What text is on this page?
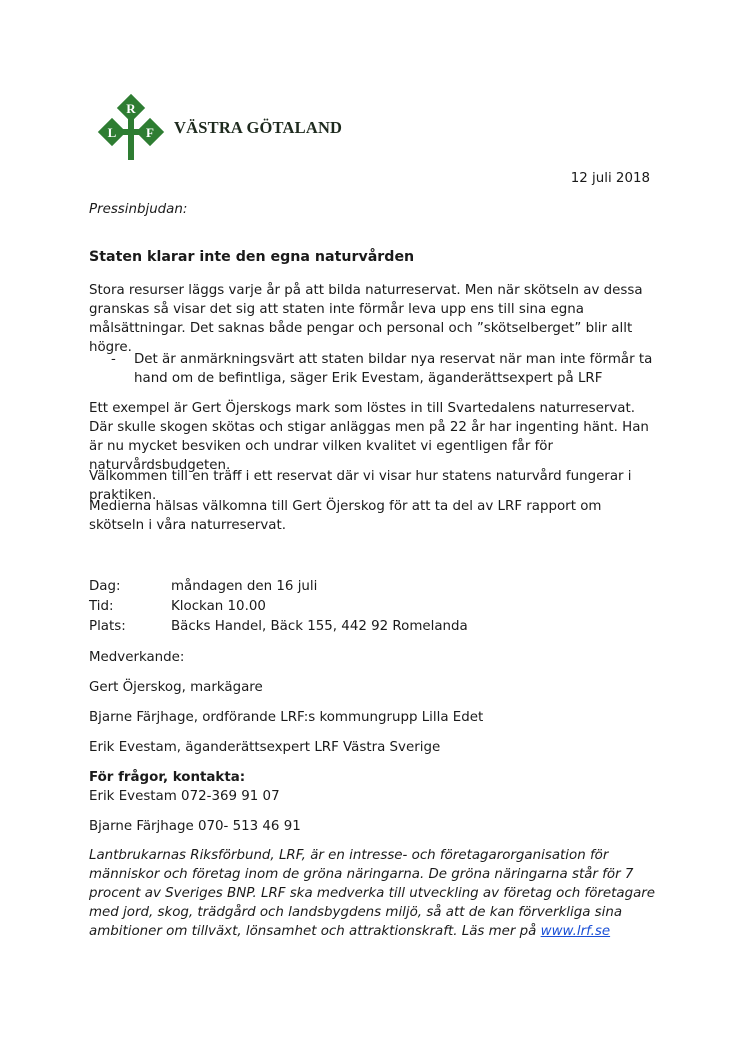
R
L F VÄSTRA GÖTALAND
12 juli 2018
Pressinbjudan:
Staten klarar inte den egna naturvården
Stora resurser läggs varje år på att bilda naturreservat. Men när skötseln av dessa granskas så visar det sig att staten inte förmår leva upp ens till sina egna målsättningar. Det saknas både pengar och personal och ”skötselberget” blir allt högre.
- Det är anmärkningsvärt att staten bildar nya reservat när man inte förmår ta hand om de befintliga, säger Erik Evestam, äganderättsexpert på LRF
Ett exempel är Gert Öjerskogs mark som löstes in till Svartedalens naturreservat. Där skulle skogen skötas och stigar anläggas men på 22 år har ingenting hänt. Han är nu mycket besviken och undrar vilken kvalitet vi egentligen får för naturvårdsbudgeten.
Välkommen till en träff i ett reservat där vi visar hur statens naturvård fungerar i praktiken.
Medierna hälsas välkomna till Gert Öjerskog för att ta del av LRF rapport om skötseln i våra naturreservat.
Dag:	måndagen den 16 juli
Tid:	Klockan 10.00
Plats:	Bäcks Handel, Bäck 155, 442 92 Romelanda
Medverkande:
Gert Öjerskog, markägare
Bjarne Färjhage, ordförande LRF:s kommungrupp Lilla Edet
Erik Evestam, äganderättsexpert LRF Västra Sverige
För frågor, kontakta:
Erik Evestam 072-369 91 07
Bjarne Färjhage 070- 513 46 91
Lantbrukarnas Riksförbund, LRF, är en intresse- och företagarorganisation för människor och företag inom de gröna näringarna. De gröna näringarna står för 7 procent av Sveriges BNP. LRF ska medverka till utveckling av företag och företagare med jord, skog, trädgård och landsbygdens miljö, så att de kan förverkliga sina ambitioner om tillväxt, lönsamhet och attraktionskraft. Läs mer på www.lrf.se
